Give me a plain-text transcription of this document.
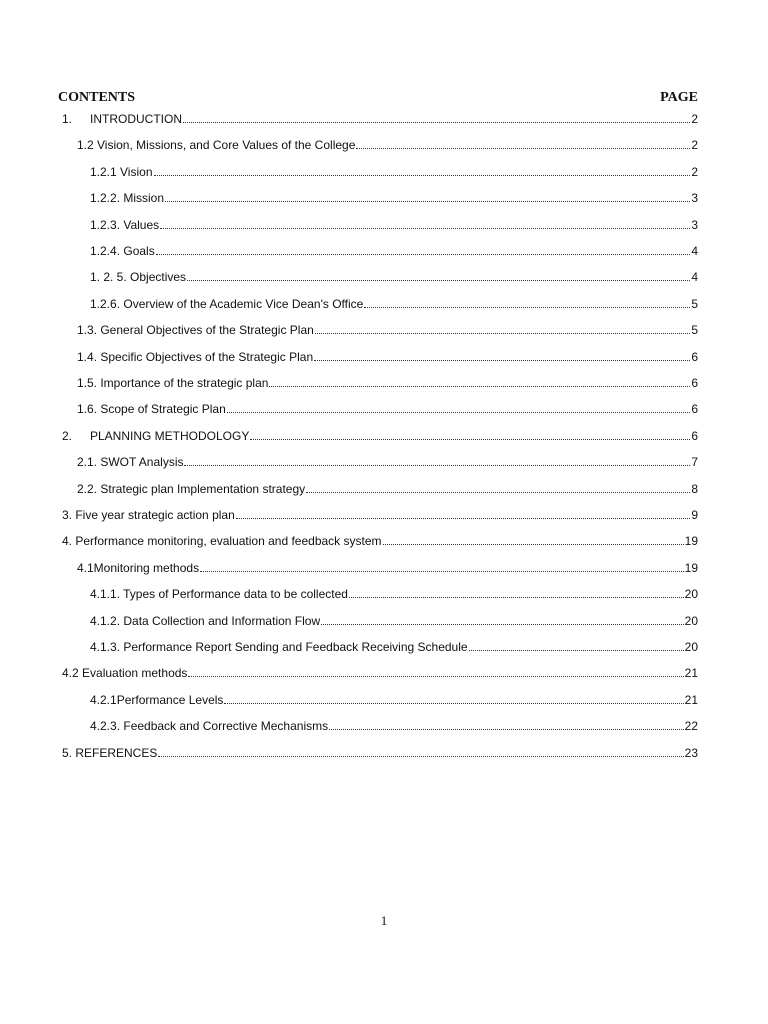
CONTENTS	PAGE
1.	INTRODUCTION	2
1.2 Vision, Missions, and Core Values of the College	2
1.2.1 Vision	2
1.2.2. Mission	3
1.2.3. Values	3
1.2.4. Goals	4
1. 2. 5. Objectives	4
1.2.6. Overview of the Academic Vice Dean's Office	5
1.3. General Objectives of the Strategic Plan	5
1.4. Specific Objectives of the Strategic Plan	6
1.5. Importance of the strategic plan	6
1.6. Scope of Strategic Plan	6
2.	PLANNING METHODOLOGY	6
2.1. SWOT Analysis	7
2.2. Strategic plan Implementation strategy	8
3. Five year strategic action plan	9
4. Performance monitoring, evaluation and feedback system	19
4.1Monitoring methods	19
4.1.1. Types of Performance data to be collected	20
4.1.2. Data Collection and Information Flow	20
4.1.3. Performance Report Sending and Feedback Receiving Schedule	20
4.2 Evaluation methods	21
4.2.1Performance Levels	21
4.2.3. Feedback and Corrective Mechanisms	22
5. REFERENCES	23
1
